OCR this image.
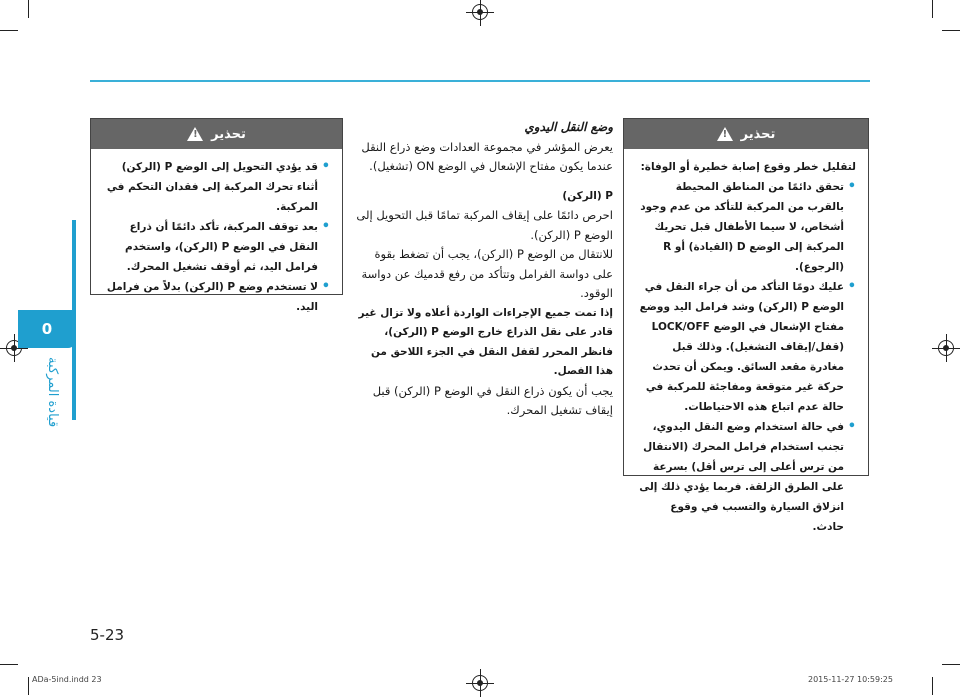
0
قيادة المركبة
تحذير
!

• قد يؤدي التحويل إلى الوضع P (الركن) أثناء تحرك المركبة إلى فقدان التحكم في المركبة.

• بعد توقف المركبة، تأكد دائمًا أن ذراع النقل في الوضع P (الركن)، واستخدم فرامل اليد، ثم أوقف تشغيل المحرك.

• لا تستخدم وضع P (الركن) بدلاً من فرامل اليد.

وضع النقل اليدوي

يعرض المؤشر في مجموعة العدادات وضع ذراع النقل عندما يكون مفتاح الإشعال في الوضع ON (تشغيل).

P (الركن)

احرص دائمًا على إيقاف المركبة تمامًا قبل التحويل إلى الوضع P (الركن).

للانتقال من الوضع P (الركن)، يجب أن تضغط بقوة على دواسة الفرامل وتتأكد من رفع قدميك عن دواسة الوقود.

إذا تمت جميع الإجراءات الواردة أعلاه ولا تزال غير قادر على نقل الذراع خارج الوضع P (الركن)، فانظر المحرر لقفل النقل في الجزء اللاحق من هذا الفصل.

يجب أن يكون ذراع النقل في الوضع P (الركن) قبل إيقاف تشغيل المحرك.

تحذير
!

لتقليل خطر وقوع إصابة خطيرة أو الوفاة:

• تحقق دائمًا من المناطق المحيطة بالقرب من المركبة للتأكد من عدم وجود أشخاص، لا سيما الأطفال قبل تحريك المركبة إلى الوضع D (القيادة) أو R (الرجوع).

• عليك دومًا التأكد من أن جراء النقل في الوضع P (الركن) وشد فرامل اليد ووضع مفتاح الإشعال في الوضع LOCK/OFF (قفل/إيقاف التشغيل). وذلك قبل مغادرة مقعد السائق. ويمكن أن تحدث حركة غير متوقعة ومفاجئة للمركبة في حالة عدم اتباع هذه الاحتياطات.

• في حالة استخدام وضع النقل اليدوي، تجنب استخدام فرامل المحرك (الانتقال من ترس أعلى إلى ترس أقل) بسرعة على الطرق الزلقة. فربما يؤدي ذلك إلى انزلاق السيارة والتسبب في وقوع حادث.

5-23
ADa-5ind.indd 23	2015-11-27 10:59:25
